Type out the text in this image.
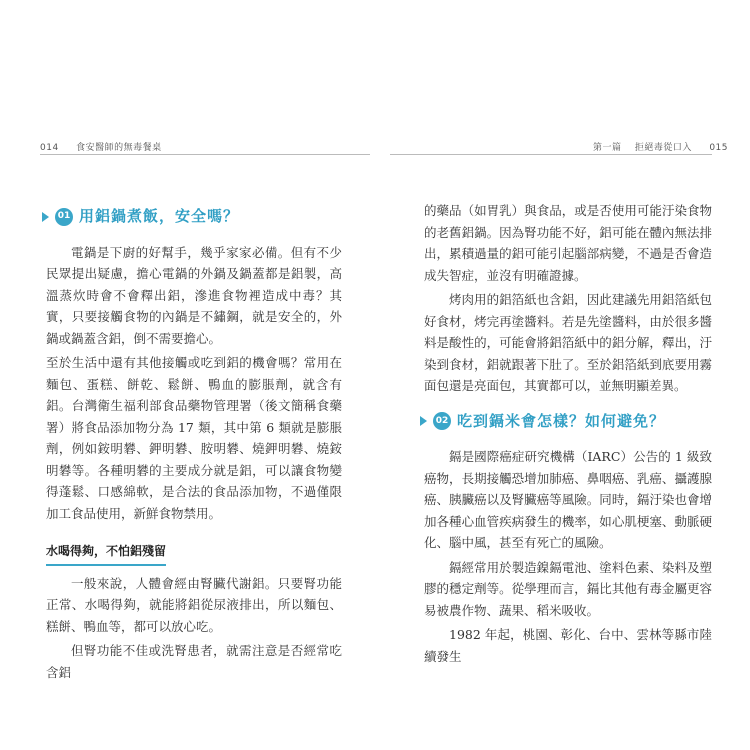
014 食安醫師的無毒餐桌	第一篇 拒絕毒從口入 015
01 用鋁鍋煮飯，安全嗎？

電鍋是下廚的好幫手，幾乎家家必備。但有不少民眾提出疑慮，擔心電鍋的外鍋及鍋蓋都是鋁製，高溫蒸炊時會不會釋出鋁，滲進食物裡造成中毒？其實，只要接觸食物的內鍋是不鏽鋼，就是安全的，外鍋或鍋蓋含鋁，倒不需要擔心。

至於生活中還有其他接觸或吃到鋁的機會嗎？常用在麵包、蛋糕、餅乾、鬆餅、鴨血的膨脹劑，就含有鋁。台灣衛生福利部食品藥物管理署（後文簡稱食藥署）將食品添加物分為 17 類，其中第 6 類就是膨脹劑，例如銨明礬、鉀明礬、胺明礬、燒鉀明礬、燒銨明礬等。各種明礬的主要成分就是鋁，可以讓食物變得蓬鬆、口感綿軟，是合法的食品添加物，不過僅限加工食品使用，新鮮食物禁用。

水喝得夠，不怕鋁殘留

一般來說，人體會經由腎臟代謝鋁。只要腎功能正常、水喝得夠，就能將鋁從尿液排出，所以麵包、糕餅、鴨血等，都可以放心吃。

但腎功能不佳或洗腎患者，就需注意是否經常吃含鋁

的藥品（如胃乳）與食品，或是否使用可能汙染食物的老舊鋁鍋。因為腎功能不好，鋁可能在體內無法排出，累積過量的鋁可能引起腦部病變，不過是否會造成失智症，並沒有明確證據。

烤肉用的鋁箔紙也含鋁，因此建議先用鋁箔紙包好食材，烤完再塗醬料。若是先塗醬料，由於很多醬料是酸性的，可能會將鋁箔紙中的鋁分解，釋出，汙染到食材，鋁就跟著下肚了。至於鋁箔紙到底要用霧面包還是亮面包，其實都可以，並無明顯差異。

02 吃到鎘米會怎樣？如何避免？

鎘是國際癌症研究機構（IARC）公告的 1 級致癌物，長期接觸恐增加肺癌、鼻咽癌、乳癌、攝護腺癌、胰臟癌以及腎臟癌等風險。同時，鎘汙染也會增加各種心血管疾病發生的機率，如心肌梗塞、動脈硬化、腦中風，甚至有死亡的風險。

鎘經常用於製造鎳鎘電池、塗料色素、染料及塑膠的穩定劑等。從學理而言，鎘比其他有毒金屬更容易被農作物、蔬果、稻米吸收。

1982 年起，桃園、彰化、台中、雲林等縣市陸續發生
